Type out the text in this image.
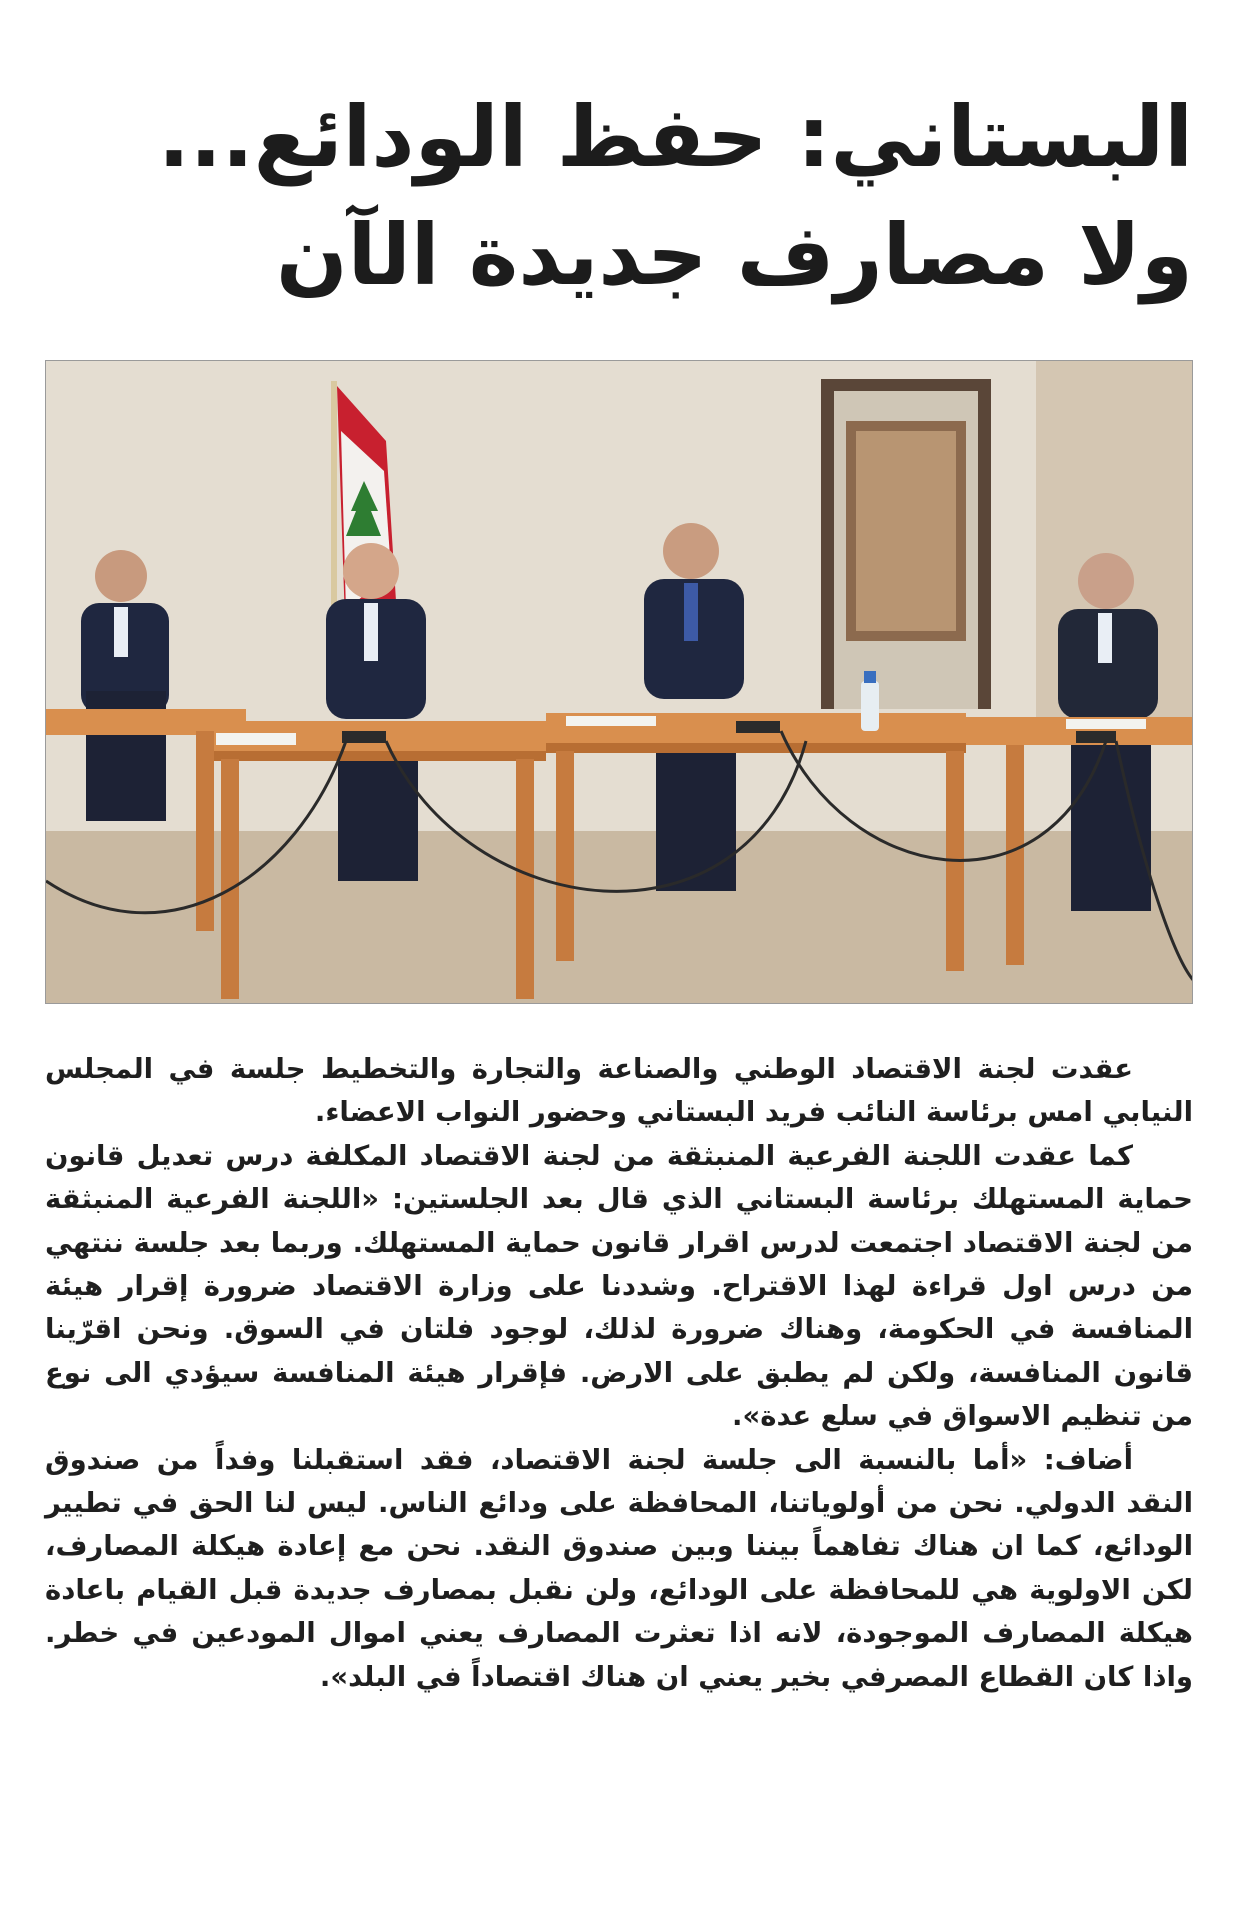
البستاني: حفظ الودائع...
ولا مصارف جديدة الآن

عقدت لجنة الاقتصاد الوطني والصناعة والتجارة والتخطيط جلسة في المجلس النيابي امس برئاسة النائب فريد البستاني وحضور النواب الاعضاء.

كما عقدت اللجنة الفرعية المنبثقة من لجنة الاقتصاد المكلفة درس تعديل قانون حماية المستهلك برئاسة البستاني الذي قال بعد الجلستين: «اللجنة الفرعية المنبثقة من لجنة الاقتصاد اجتمعت لدرس اقرار قانون حماية المستهلك. وربما بعد جلسة ننتهي من درس اول قراءة لهذا الاقتراح. وشددنا على وزارة الاقتصاد ضرورة إقرار هيئة المنافسة في الحكومة، وهناك ضرورة لذلك، لوجود فلتان في السوق. ونحن اقرّينا قانون المنافسة، ولكن لم يطبق على الارض. فإقرار هيئة المنافسة سيؤدي الى نوع من تنظيم الاسواق في سلع عدة».

أضاف: «أما بالنسبة الى جلسة لجنة الاقتصاد، فقد استقبلنا وفداً من صندوق النقد الدولي. نحن من أولوياتنا، المحافظة على ودائع الناس. ليس لنا الحق في تطيير الودائع، كما ان هناك تفاهماً بيننا وبين صندوق النقد. نحن مع إعادة هيكلة المصارف، لكن الاولوية هي للمحافظة على الودائع، ولن نقبل بمصارف جديدة قبل القيام باعادة هيكلة المصارف الموجودة، لانه اذا تعثرت المصارف يعني اموال المودعين في خطر. واذا كان القطاع المصرفي بخير يعني ان هناك اقتصاداً في البلد».
